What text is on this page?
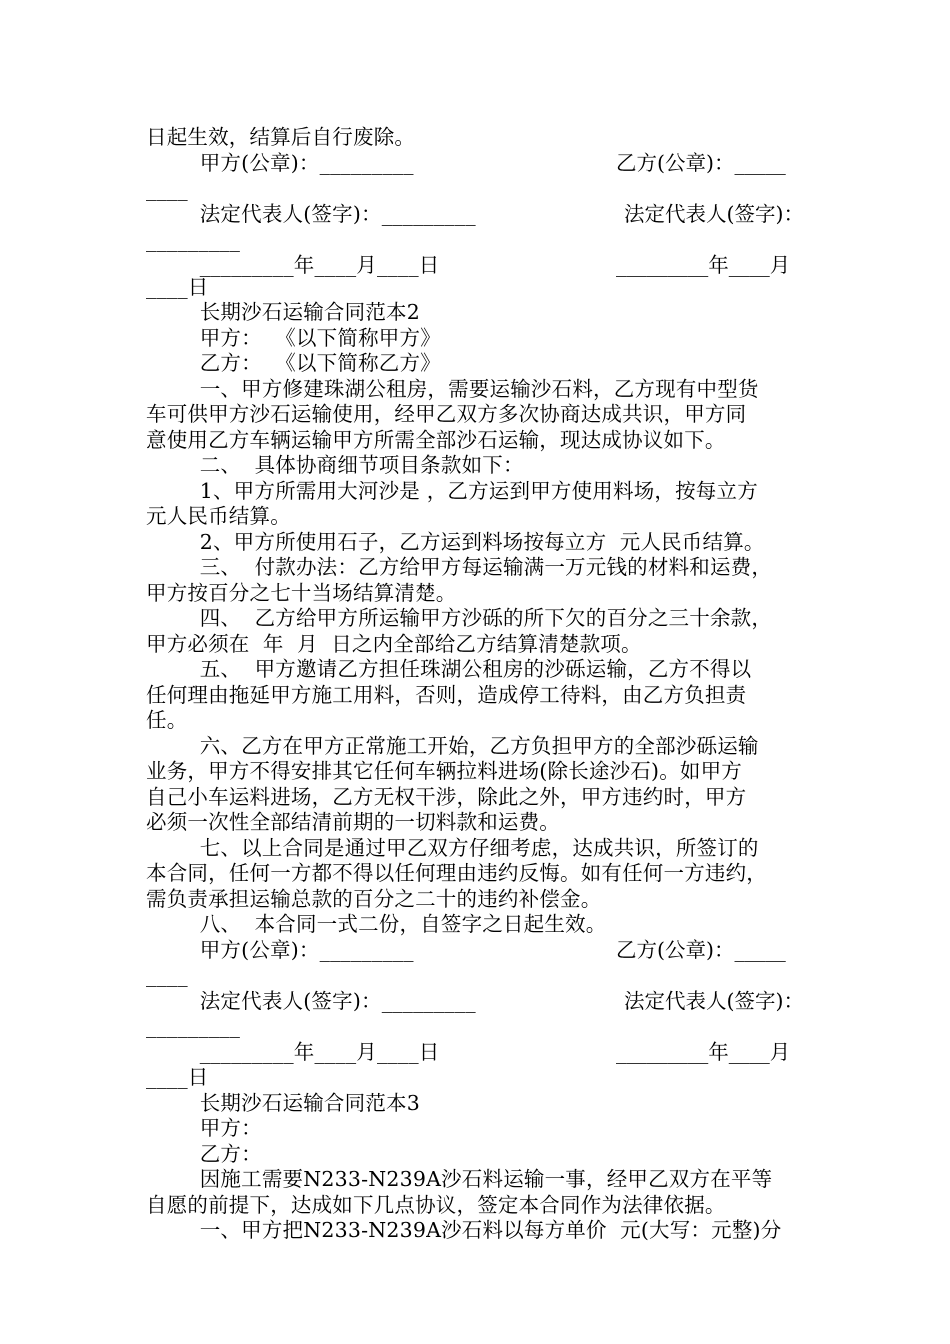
日起生效，结算后自行废除。
甲方(公章)：_________	乙方(公章)：_____
____
法定代表人(签字)：_________	法定代表人(签字)：
_________
_________年____月____日	_________年____月
____日
长期沙石运输合同范本2
甲方：  《以下简称甲方》
乙方：  《以下简称乙方》
一、甲方修建珠湖公租房，需要运输沙石料，乙方现有中型货
车可供甲方沙石运输使用，经甲乙双方多次协商达成共识，甲方同
意使用乙方车辆运输甲方所需全部沙石运输，现达成协议如下。
二、  具体协商细节项目条款如下：
1、甲方所需用大河沙是 ，乙方运到甲方使用料场，按每立方
元人民币结算。
2、甲方所使用石子，乙方运到料场按每立方  元人民币结算。
三、  付款办法：乙方给甲方每运输满一万元钱的材料和运费，
甲方按百分之七十当场结算清楚。
四、  乙方给甲方所运输甲方沙砾的所下欠的百分之三十余款，
甲方必须在  年  月  日之内全部给乙方结算清楚款项。
五、  甲方邀请乙方担任珠湖公租房的沙砾运输，乙方不得以
任何理由拖延甲方施工用料，否则，造成停工待料，由乙方负担责
任。
六、乙方在甲方正常施工开始，乙方负担甲方的全部沙砾运输
业务，甲方不得安排其它任何车辆拉料进场(除长途沙石)。如甲方
自己小车运料进场，乙方无权干涉，除此之外，甲方违约时，甲方
必须一次性全部结清前期的一切料款和运费。
七、以上合同是通过甲乙双方仔细考虑，达成共识，所签订的
本合同，任何一方都不得以任何理由违约反悔。如有任何一方违约，
需负责承担运输总款的百分之二十的违约补偿金。
八、  本合同一式二份，自签字之日起生效。
甲方(公章)：_________	乙方(公章)：_____
____
法定代表人(签字)：_________	法定代表人(签字)：
_________
_________年____月____日	_________年____月
____日
长期沙石运输合同范本3
甲方：
乙方：
因施工需要N233-N239A沙石料运输一事，经甲乙双方在平等
自愿的前提下，达成如下几点协议，签定本合同作为法律依据。
一、甲方把N233-N239A沙石料以每方单价  元(大写：元整)分
